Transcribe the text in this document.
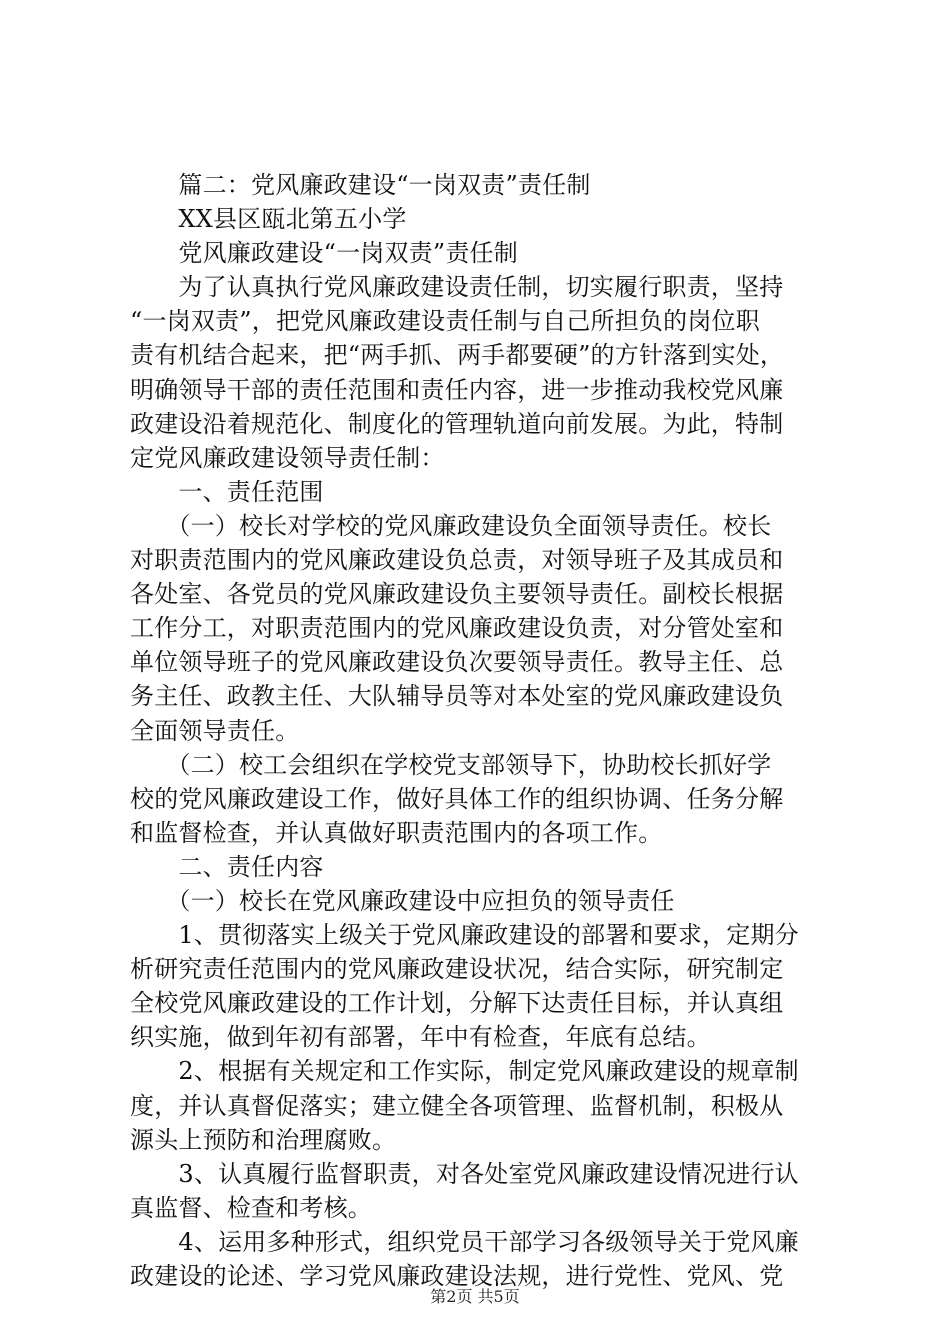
　　篇二：党风廉政建设“一岗双责”责任制
　　XX县区瓯北第五小学
　　党风廉政建设“一岗双责”责任制
　　为了认真执行党风廉政建设责任制，切实履行职责，坚持
“一岗双责”，把党风廉政建设责任制与自己所担负的岗位职
责有机结合起来，把“两手抓、两手都要硬”的方针落到实处，
明确领导干部的责任范围和责任内容，进一步推动我校党风廉
政建设沿着规范化、制度化的管理轨道向前发展。为此，特制
定党风廉政建设领导责任制：
　　一、责任范围
　　（一）校长对学校的党风廉政建设负全面领导责任。校长
对职责范围内的党风廉政建设负总责，对领导班子及其成员和
各处室、各党员的党风廉政建设负主要领导责任。副校长根据
工作分工，对职责范围内的党风廉政建设负责，对分管处室和
单位领导班子的党风廉政建设负次要领导责任。教导主任、总
务主任、政教主任、大队辅导员等对本处室的党风廉政建设负
全面领导责任。
　　（二）校工会组织在学校党支部领导下，协助校长抓好学
校的党风廉政建设工作，做好具体工作的组织协调、任务分解
和监督检查，并认真做好职责范围内的各项工作。
　　二、责任内容
　　（一）校长在党风廉政建设中应担负的领导责任
　　1、贯彻落实上级关于党风廉政建设的部署和要求，定期分
析研究责任范围内的党风廉政建设状况，结合实际，研究制定
全校党风廉政建设的工作计划，分解下达责任目标，并认真组
织实施，做到年初有部署，年中有检查，年底有总结。
　　2、根据有关规定和工作实际，制定党风廉政建设的规章制
度，并认真督促落实；建立健全各项管理、监督机制，积极从
源头上预防和治理腐败。
　　3、认真履行监督职责，对各处室党风廉政建设情况进行认
真监督、检查和考核。
　　4、运用多种形式，组织党员干部学习各级领导关于党风廉
政建设的论述、学习党风廉政建设法规，进行党性、党风、党
第2页 共5页
